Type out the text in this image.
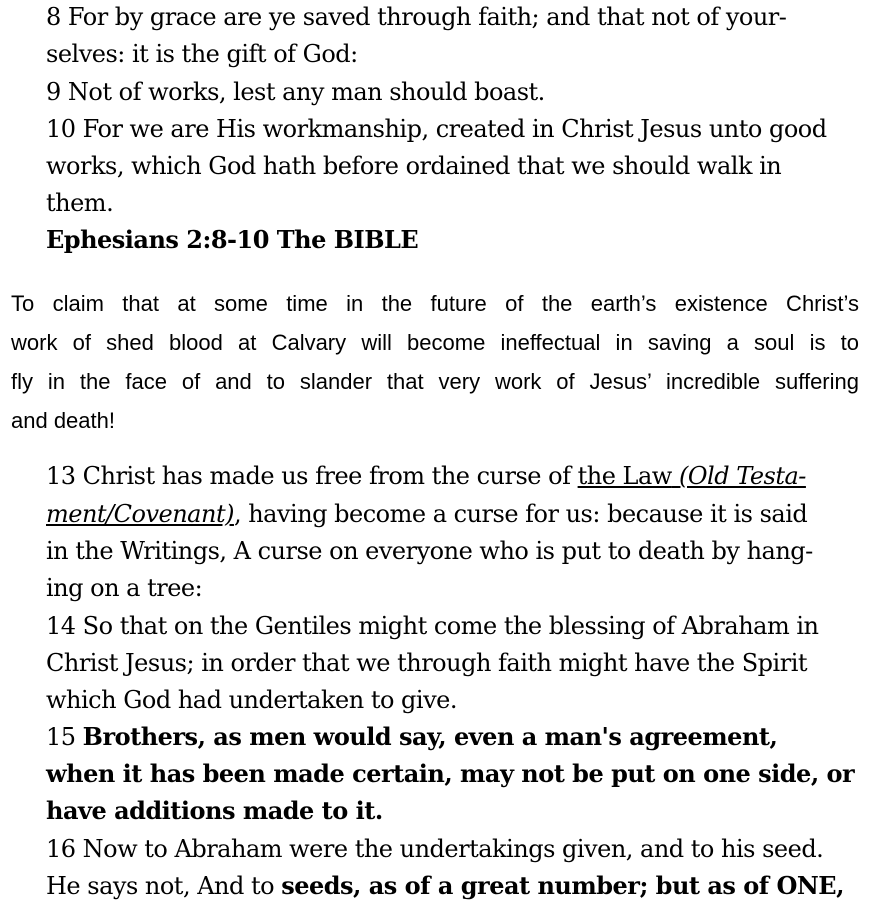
8 For by grace are ye saved through faith; and that not of your-
selves: it is the gift of God:
9 Not of works, lest any man should boast.
10 For we are His workmanship, created in Christ Jesus unto good
works, which God hath before ordained that we should walk in
them.
Ephesians 2:8-10 The BIBLE
To claim that at some time in the future of the earth’s existence Christ’s
work of shed blood at Calvary will become ineffectual in saving a soul is to
fly in the face of and to slander that very work of Jesus’ incredible suffering
and death!
13 Christ has made us free from the curse of the Law (Old Testa-
ment/Covenant), having become a curse for us: because it is said
in the Writings, A curse on everyone who is put to death by hang-
ing on a tree:
14 So that on the Gentiles might come the blessing of Abraham in
Christ Jesus; in order that we through faith might have the Spirit
which God had undertaken to give.
15 Brothers, as men would say, even a man's agreement,
when it has been made certain, may not be put on one side, or
have additions made to it.
16 Now to Abraham were the undertakings given, and to his seed.
He says not, And to seeds, as of a great number; but as of ONE,
